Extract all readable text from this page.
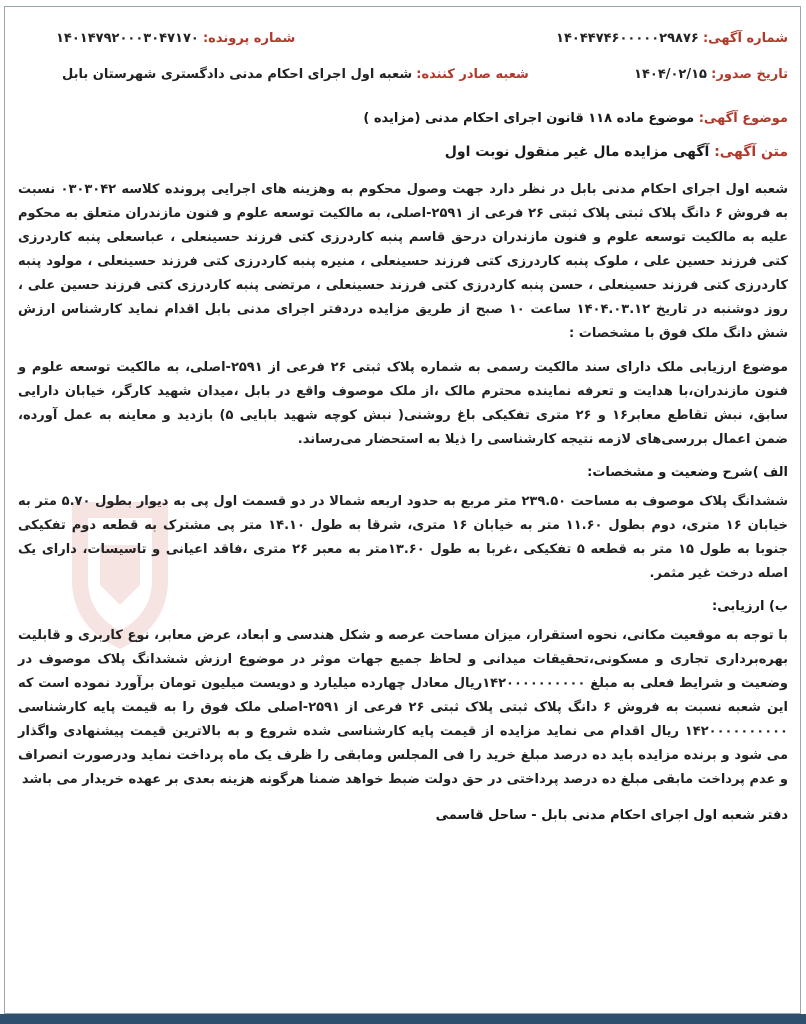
شماره آگهی: ۱۴۰۴۴۷۴۶۰۰۰۰۰۲۹۸۷۶
شماره پرونده: ۱۴۰۱۴۷۹۲۰۰۰۳۰۴۷۱۷۰
تاریخ صدور: ۱۴۰۴/۰۲/۱۵
شعبه صادر کننده: شعبه اول اجرای احکام مدنی دادگستری شهرستان بابل
موضوع آگهی: موضوع ماده ۱۱۸ قانون اجرای احکام مدنی (مزایده )
متن آگهی: آگهی مزایده مال غیر منقول نوبت اول

شعبه اول اجرای احکام مدنی بابل در نظر دارد جهت وصول محکوم به وهزینه های اجرایی پرونده کلاسه ۰۳۰۳۰۴۲ نسبت به فروش ۶ دانگ پلاک ثبتی پلاک ثبتی ۲۶ فرعی از ۲۵۹۱-اصلی، به مالکیت توسعه علوم و فنون مازندران متعلق به محکوم علیه به مالکیت توسعه علوم و فنون مازندران درحق قاسم پنبه کاردرزی کتی فرزند حسینعلی ، عباسعلی پنبه کاردرزی کتی فرزند حسین علی ، ملوک پنبه کاردرزی کتی فرزند حسینعلی ، منیره پنبه کاردرزی کتی فرزند حسینعلی ، مولود پنبه کاردرزی کتی فرزند حسینعلی ، حسن پنبه کاردرزی کتی فرزند حسینعلی ، مرتضی پنبه کاردرزی کتی فرزند حسین علی ، روز دوشنبه در تاریخ ۱۴۰۴.۰۳.۱۲ ساعت ۱۰ صبح از طریق مزایده دردفتر اجرای مدنی بابل اقدام نماید کارشناس ارزش شش دانگ ملک فوق با مشخصات :

موضوع ارزیابی ملک دارای سند مالکیت رسمی به شماره پلاک ثبتی ۲۶ فرعی از ۲۵۹۱-اصلی، به مالکیت توسعه علوم و فنون مازندران،با هدایت و تعرفه نماینده محترم مالک ،از ملک موصوف واقع در بابل ،میدان شهید کارگر، خیابان دارایی سابق، نبش تقاطع معابر۱۶ و ۲۶ متری تفکیکی باغ روشنی( نبش کوچه شهید بابایی ۵) بازدید و معاینه به عمل آورده، ضمن اعمال بررسی‌های لازمه نتیجه کارشناسی را ذیلا به استحضار می‌رساند.

الف )شرح وضعیت و مشخصات:

ششدانگ پلاک موصوف به مساحت ۲۳۹.۵۰ متر مربع به حدود اربعه شمالا در دو قسمت اول پی به دیوار بطول ۵.۷۰ متر به خیابان ۱۶ متری، دوم بطول ۱۱.۶۰ متر به خیابان ۱۶ متری، شرقا به طول ۱۴.۱۰ متر پی مشترک به قطعه دوم تفکیکی جنوبا به طول ۱۵ متر به قطعه ۵ تفکیکی ،غربا به طول ۱۳.۶۰متر به معبر ۲۶ متری ،فاقد اعیانی و تاسیسات، دارای یک اصله درخت غیر مثمر.

ب) ارزیابی:

با توجه به موقعیت مکانی، نحوه استقرار، میزان مساحت عرصه و شکل هندسی و ابعاد، عرض معابر، نوع کاربری و قابلیت بهره‌برداری تجاری و مسکونی،تحقیقات میدانی و لحاظ جمیع جهات موثر در موضوع ارزش ششدانگ پلاک موصوف در وضعیت و شرایط فعلی به مبلغ ۱۴۲۰۰۰۰۰۰۰۰۰۰ریال معادل چهارده میلیارد و دویست میلیون تومان برآورد نموده است که این شعبه نسبت به فروش ۶ دانگ پلاک ثبتی پلاک ثبتی ۲۶ فرعی از ۲۵۹۱-اصلی ملک فوق را به قیمت پایه کارشناسی ۱۴۲۰۰۰۰۰۰۰۰۰۰ ریال اقدام می نماید مزایده از قیمت پایه کارشناسی شده شروع و به بالاترین قیمت پیشنهادی واگذار می شود و برنده مزایده باید ده درصد مبلغ خرید را فی المجلس ومابقی را ظرف یک ماه پرداخت نماید ودرصورت انصراف و عدم پرداخت مابقی مبلغ ده درصد پرداختی در حق دولت ضبط خواهد ضمنا هرگونه هزینه بعدی بر عهده خریدار می باشد

دفتر شعبه اول اجرای احکام مدنی بابل - ساحل قاسمی
